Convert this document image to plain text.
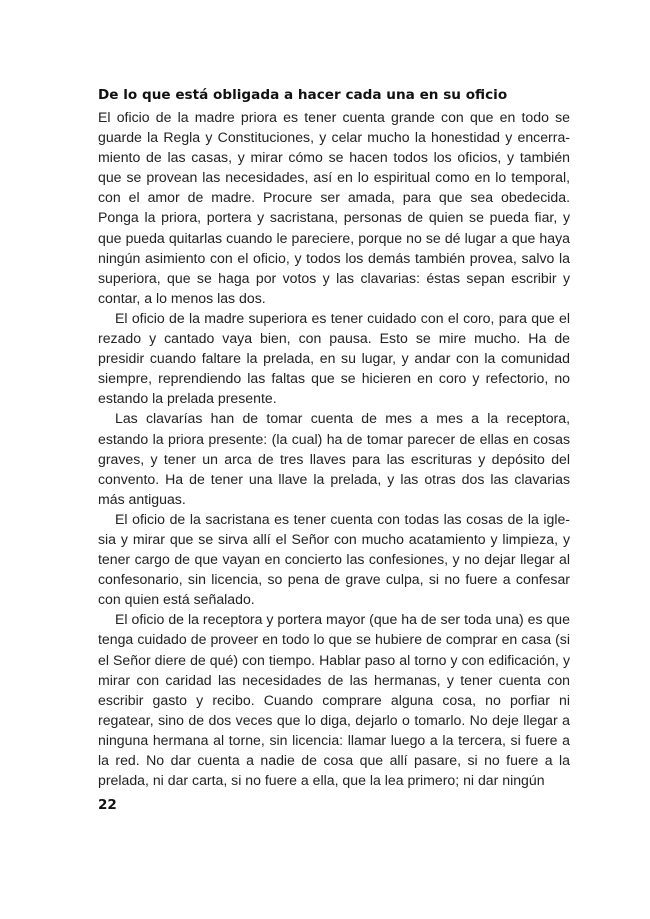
De lo que está obligada a hacer cada una en su oficio

El oficio de la madre priora es tener cuenta grande con que en todo se guarde la Regla y Constituciones, y celar mucho la honestidad y encerramiento de las casas, y mirar cómo se hacen todos los oficios, y también que se provean las necesidades, así en lo espiritual como en lo temporal, con el amor de madre. Procure ser amada, para que sea obedecida. Ponga la priora, portera y sacristana, personas de quien se pueda fiar, y que pueda quitarlas cuando le pareciere, porque no se dé lugar a que haya ningún asimiento con el oficio, y todos los demás también provea, salvo la superiora, que se haga por votos y las clavarias: éstas sepan escribir y contar, a lo menos las dos.

El oficio de la madre superiora es tener cuidado con el coro, para que el rezado y cantado vaya bien, con pausa. Esto se mire mucho. Ha de presidir cuando faltare la prelada, en su lugar, y andar con la comunidad siempre, reprendiendo las faltas que se hicieren en coro y refectorio, no estando la prelada presente.

Las clavarías han de tomar cuenta de mes a mes a la receptora, estando la priora presente: (la cual) ha de tomar parecer de ellas en cosas graves, y tener un arca de tres llaves para las escrituras y depósito del convento. Ha de tener una llave la prelada, y las otras dos las clavarias más antiguas.

El oficio de la sacristana es tener cuenta con todas las cosas de la iglesia y mirar que se sirva allí el Señor con mucho acatamiento y limpieza, y tener cargo de que vayan en concierto las confesiones, y no dejar llegar al confesonario, sin licencia, so pena de grave culpa, si no fuere a confesar con quien está señalado.

El oficio de la receptora y portera mayor (que ha de ser toda una) es que tenga cuidado de proveer en todo lo que se hubiere de comprar en casa (si el Señor diere de qué) con tiempo. Hablar paso al torno y con edificación, y mirar con caridad las necesidades de las hermanas, y tener cuenta con escribir gasto y recibo. Cuando comprare alguna cosa, no porfiar ni regatear, sino de dos veces que lo diga, dejarlo o tomarlo. No deje llegar a ninguna hermana al torne, sin licencia: llamar luego a la tercera, si fuere a la red. No dar cuenta a nadie de cosa que allí pasare, si no fuere a la prelada, ni dar carta, si no fuere a ella, que la lea primero; ni dar ningún

22
